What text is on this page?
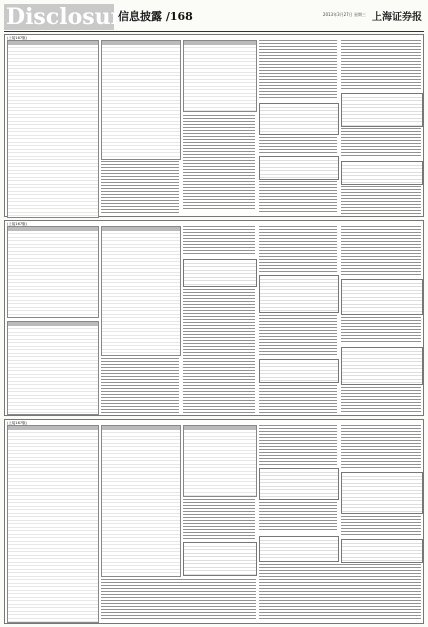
Disclosure
信息披露 /168	2013年3月27日 星期三 上海证券报
(上接167版)
(上接167版)
(上接167版)
